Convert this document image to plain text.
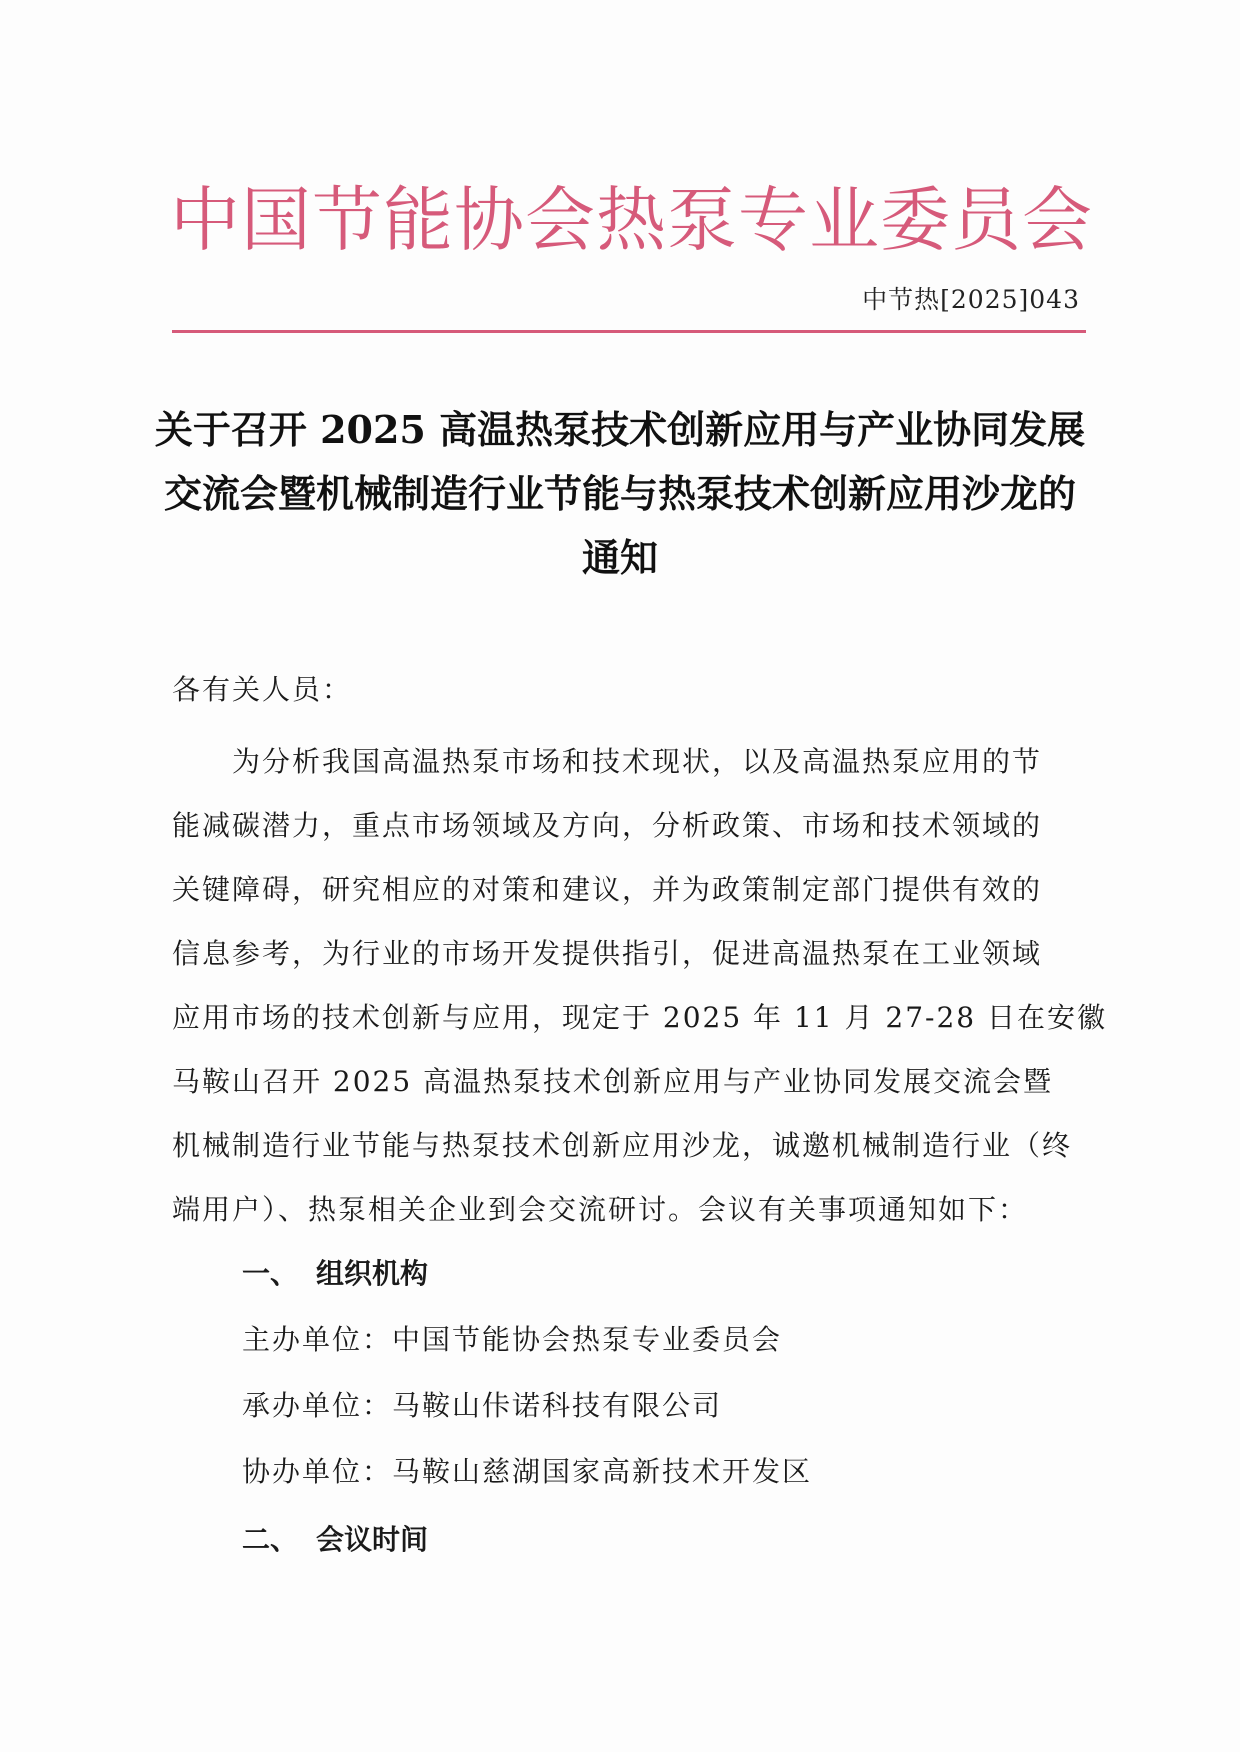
中国节能协会热泵专业委员会
中节热[2025]043
关于召开 2025 高温热泵技术创新应用与产业协同发展
交流会暨机械制造行业节能与热泵技术创新应用沙龙的
通知
各有关人员：
　　为分析我国高温热泵市场和技术现状，以及高温热泵应用的节
能减碳潜力，重点市场领域及方向，分析政策、市场和技术领域的
关键障碍，研究相应的对策和建议，并为政策制定部门提供有效的
信息参考，为行业的市场开发提供指引，促进高温热泵在工业领域
应用市场的技术创新与应用，现定于 2025 年 11 月 27-28 日在安徽
马鞍山召开 2025 高温热泵技术创新应用与产业协同发展交流会暨
机械制造行业节能与热泵技术创新应用沙龙，诚邀机械制造行业（终
端用户）、热泵相关企业到会交流研讨。会议有关事项通知如下：
一、 组织机构
主办单位：中国节能协会热泵专业委员会
承办单位：马鞍山佧诺科技有限公司
协办单位：马鞍山慈湖国家高新技术开发区
二、 会议时间
